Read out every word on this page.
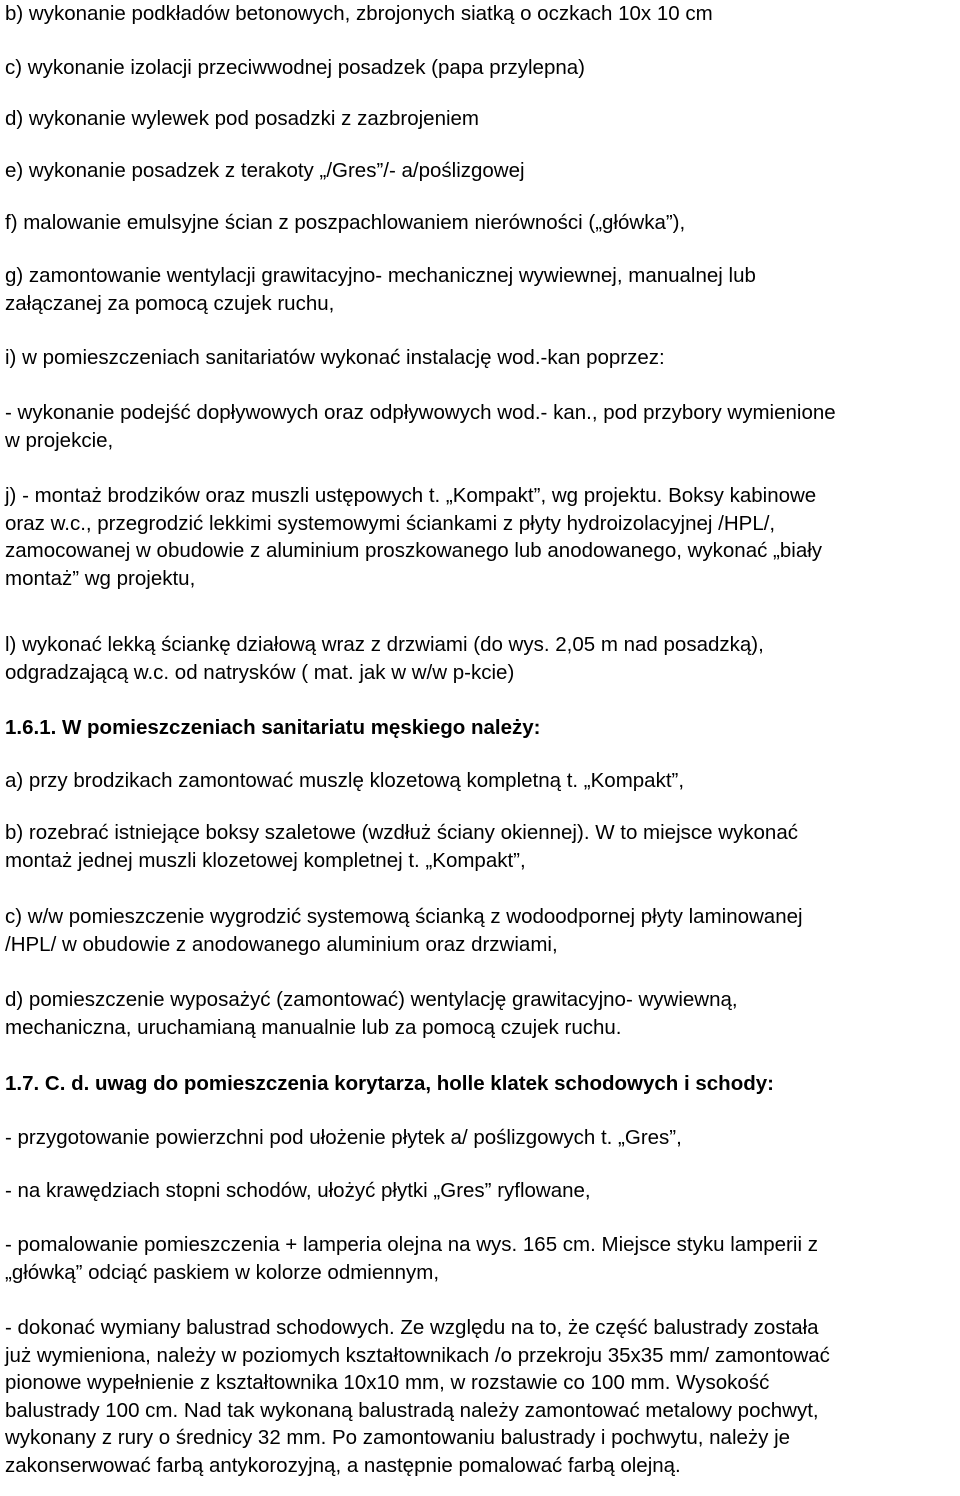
b) wykonanie podkładów betonowych, zbrojonych siatką o oczkach 10x 10 cm

c) wykonanie izolacji przeciwwodnej posadzek (papa przylepna)

d) wykonanie wylewek pod posadzki z zazbrojeniem

e) wykonanie posadzek z terakoty „/Gres”/- a/poślizgowej

f) malowanie emulsyjne ścian z poszpachlowaniem nierówności („główka”),

g) zamontowanie wentylacji grawitacyjno- mechanicznej wywiewnej, manualnej lub
załączanej za pomocą czujek ruchu,

i) w pomieszczeniach sanitariatów wykonać instalację wod.-kan poprzez:

- wykonanie podejść dopływowych oraz odpływowych wod.- kan., pod przybory wymienione
w projekcie,

j) - montaż brodzików oraz muszli ustępowych t. „Kompakt”, wg projektu. Boksy kabinowe
oraz w.c., przegrodzić lekkimi systemowymi ściankami z płyty hydroizolacyjnej /HPL/,
zamocowanej w obudowie z aluminium proszkowanego lub anodowanego, wykonać „biały
montaż” wg projektu,

l) wykonać lekką ściankę działową wraz z drzwiami (do wys. 2,05 m nad posadzką),
odgradzającą w.c. od natrysków ( mat. jak w w/w p-kcie)

1.6.1. W pomieszczeniach sanitariatu męskiego należy:

a) przy brodzikach zamontować muszlę klozetową kompletną t. „Kompakt”,

b) rozebrać istniejące boksy szaletowe (wzdłuż ściany okiennej). W to miejsce wykonać
montaż jednej muszli klozetowej kompletnej t. „Kompakt”,

c) w/w pomieszczenie wygrodzić systemową ścianką z wodoodpornej płyty laminowanej
/HPL/ w obudowie z anodowanego aluminium oraz drzwiami,

d) pomieszczenie wyposażyć (zamontować) wentylację grawitacyjno- wywiewną,
mechaniczna, uruchamianą manualnie lub za pomocą czujek ruchu.

1.7. C. d. uwag do pomieszczenia korytarza, holle klatek schodowych i schody:

- przygotowanie powierzchni pod ułożenie płytek a/ poślizgowych t. „Gres”,

- na krawędziach stopni schodów, ułożyć płytki „Gres” ryflowane,

- pomalowanie pomieszczenia + lamperia olejna na wys. 165 cm. Miejsce styku lamperii z
„główką” odciąć paskiem w kolorze odmiennym,

- dokonać wymiany balustrad schodowych. Ze względu na to, że część balustrady została
już wymieniona, należy w poziomych kształtownikach /o przekroju 35x35 mm/ zamontować
pionowe wypełnienie z kształtownika 10x10 mm, w rozstawie co 100 mm. Wysokość
balustrady 100 cm. Nad tak wykonaną balustradą należy zamontować metalowy pochwyt,
wykonany z rury o średnicy 32 mm. Po zamontowaniu balustrady i pochwytu, należy je
zakonserwować farbą antykorozyjną, a następnie pomalować farbą olejną.
